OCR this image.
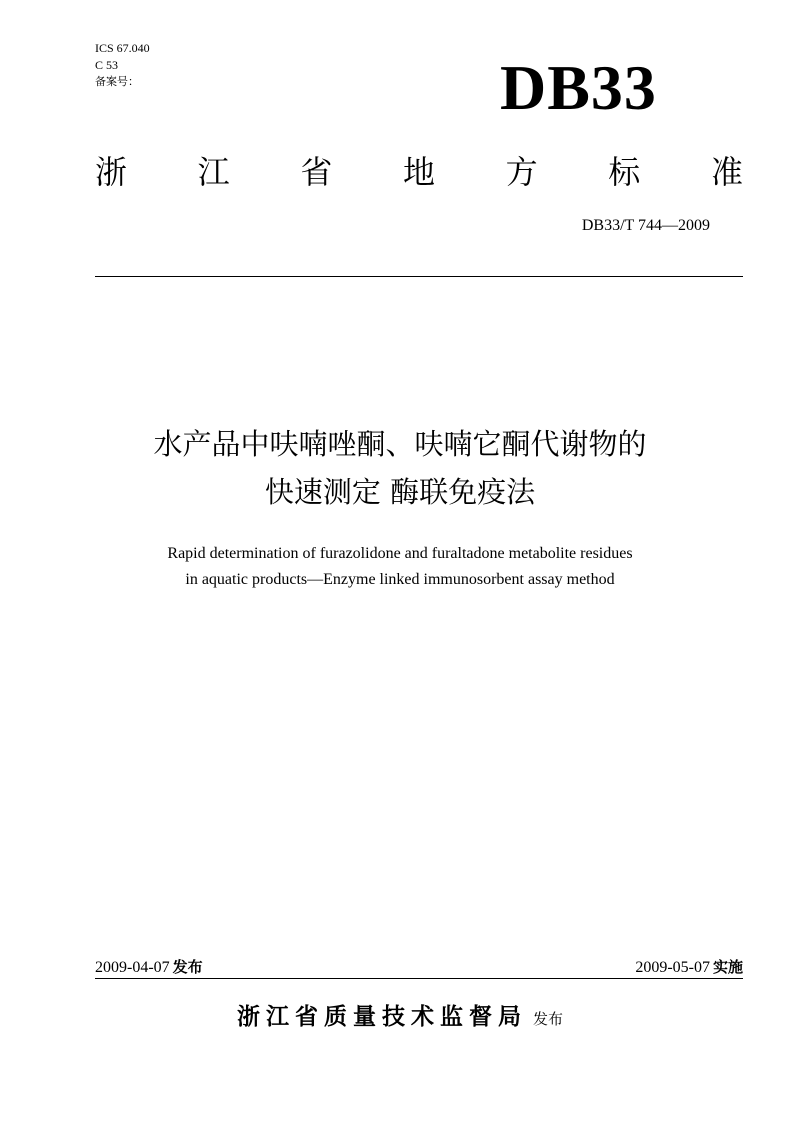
ICS 67.040
C 53
备案号：	DB33
浙 江 省 地 方 标 准
DB33/T 744—2009
水产品中呋喃唑酮、呋喃它酮代谢物的
快速测定 酶联免疫法
Rapid determination of furazolidone and furaltadone metabolite residues
in aquatic products—Enzyme linked immunosorbent assay method
2009-04-07 发布	2009-05-07 实施
浙江省质量技术监督局 发布
